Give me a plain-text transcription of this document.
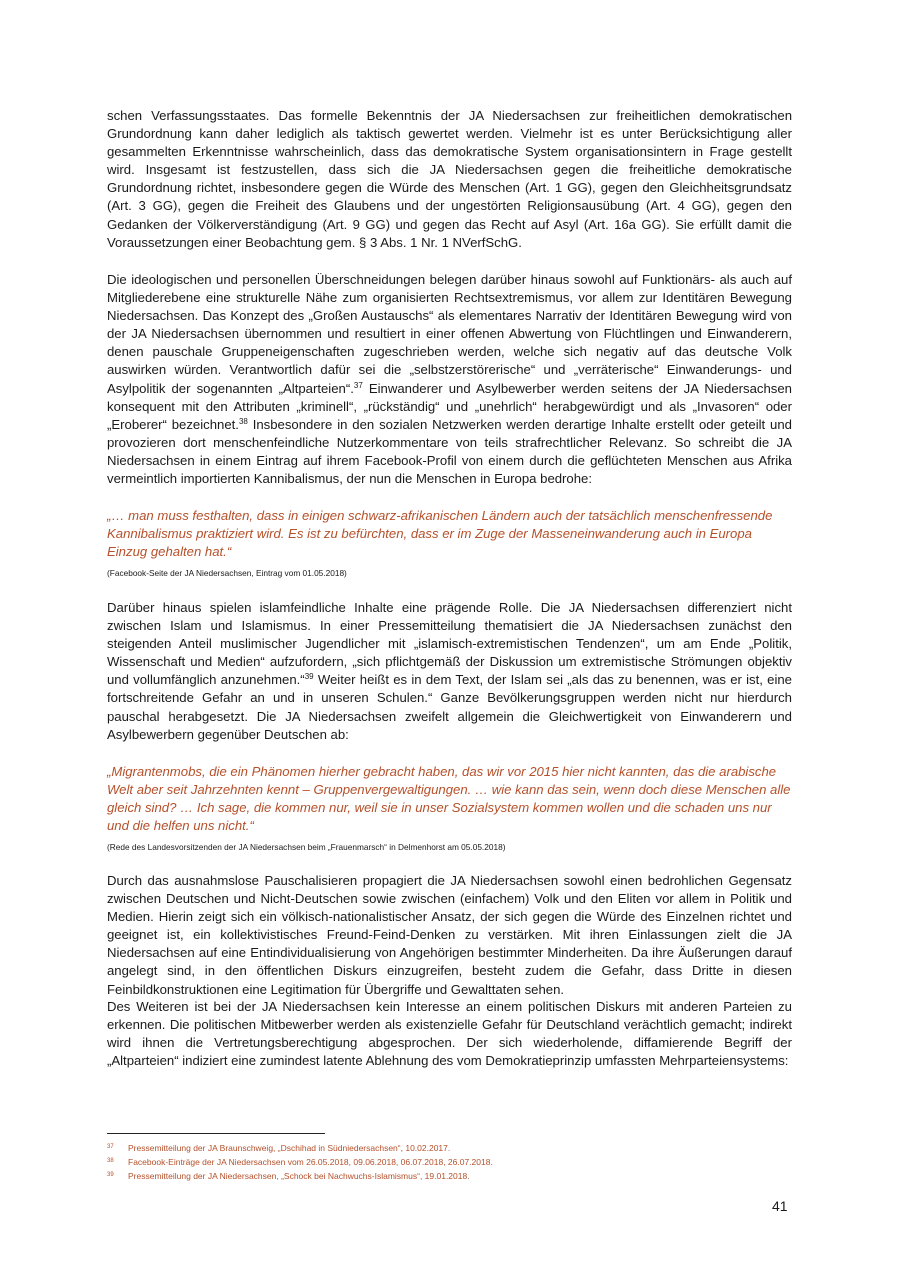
schen Verfassungsstaates. Das formelle Bekenntnis der JA Niedersachsen zur freiheitlichen demokratischen Grundordnung kann daher lediglich als taktisch gewertet werden. Vielmehr ist es unter Berücksichtigung aller gesammelten Erkenntnisse wahrscheinlich, dass das demokratische System organisationsintern in Frage gestellt wird. Insgesamt ist festzustellen, dass sich die JA Niedersachsen gegen die freiheitliche demokratische Grundordnung richtet, insbesondere gegen die Würde des Menschen (Art. 1 GG), gegen den Gleichheitsgrundsatz (Art. 3 GG), gegen die Freiheit des Glaubens und der ungestörten Religionsausübung (Art. 4 GG), gegen den Gedanken der Völkerverständigung (Art. 9 GG) und gegen das Recht auf Asyl (Art. 16a GG). Sie erfüllt damit die Voraussetzungen einer Beobachtung gem. § 3 Abs. 1 Nr. 1 NVerfSchG.

Die ideologischen und personellen Überschneidungen belegen darüber hinaus sowohl auf Funktionärs- als auch auf Mitgliederebene eine strukturelle Nähe zum organisierten Rechtsextremismus, vor allem zur Identitären Bewegung Niedersachsen. Das Konzept des „Großen Austauschs“ als elementares Narrativ der Identitären Bewegung wird von der JA Niedersachsen übernommen und resultiert in einer offenen Abwertung von Flüchtlingen und Einwanderern, denen pauschale Gruppeneigenschaften zugeschrieben werden, welche sich negativ auf das deutsche Volk auswirken würden. Verantwortlich dafür sei die „selbstzerstörerische“ und „verräterische“ Einwanderungs- und Asylpolitik der sogenannten „Altparteien“.$^{37}$ Einwanderer und Asylbewerber werden seitens der JA Niedersachsen konsequent mit den Attributen „kriminell“, „rückständig“ und „unehrlich“ herabgewürdigt und als „Invasoren“ oder „Eroberer“ bezeichnet.$^{38}$ Insbesondere in den sozialen Netzwerken werden derartige Inhalte erstellt oder geteilt und provozieren dort menschenfeindliche Nutzerkommentare von teils strafrechtlicher Relevanz. So schreibt die JA Niedersachsen in einem Eintrag auf ihrem Facebook-Profil von einem durch die geflüchteten Menschen aus Afrika vermeintlich importierten Kannibalismus, der nun die Menschen in Europa bedrohe:

„… man muss festhalten, dass in einigen schwarz-afrikanischen Ländern auch der tatsächlich menschenfressende Kannibalismus praktiziert wird. Es ist zu befürchten, dass er im Zuge der Masseneinwanderung auch in Europa Einzug gehalten hat.“

(Facebook-Seite der JA Niedersachsen, Eintrag vom 01.05.2018)

Darüber hinaus spielen islamfeindliche Inhalte eine prägende Rolle. Die JA Niedersachsen differenziert nicht zwischen Islam und Islamismus. In einer Pressemitteilung thematisiert die JA Niedersachsen zunächst den steigenden Anteil muslimischer Jugendlicher mit „islamisch-extremistischen Tendenzen“, um am Ende „Politik, Wissenschaft und Medien“ aufzufordern, „sich pflichtgemäß der Diskussion um extremistische Strömungen objektiv und vollumfänglich anzunehmen.“$^{39}$ Weiter heißt es in dem Text, der Islam sei „als das zu benennen, was er ist, eine fortschreitende Gefahr an und in unseren Schulen.“ Ganze Bevölkerungsgruppen werden nicht nur hierdurch pauschal herabgesetzt. Die JA Niedersachsen zweifelt allgemein die Gleichwertigkeit von Einwanderern und Asylbewerbern gegenüber Deutschen ab:

„Migrantenmobs, die ein Phänomen hierher gebracht haben, das wir vor 2015 hier nicht kannten, das die arabische Welt aber seit Jahrzehnten kennt – Gruppenvergewaltigungen. … wie kann das sein, wenn doch diese Menschen alle gleich sind? … Ich sage, die kommen nur, weil sie in unser Sozialsystem kommen wollen und die schaden uns nur und die helfen uns nicht.“

(Rede des Landesvorsitzenden der JA Niedersachsen beim „Frauenmarsch“ in Delmenhorst am 05.05.2018)

Durch das ausnahmslose Pauschalisieren propagiert die JA Niedersachsen sowohl einen bedrohlichen Gegensatz zwischen Deutschen und Nicht-Deutschen sowie zwischen (einfachem) Volk und den Eliten vor allem in Politik und Medien. Hierin zeigt sich ein völkisch-nationalistischer Ansatz, der sich gegen die Würde des Einzelnen richtet und geeignet ist, ein kollektivistisches Freund-Feind-Denken zu verstärken. Mit ihren Einlassungen zielt die JA Niedersachsen auf eine Entindividualisierung von Angehörigen bestimmter Minderheiten. Da ihre Äußerungen darauf angelegt sind, in den öffentlichen Diskurs einzugreifen, besteht zudem die Gefahr, dass Dritte in diesen Feinbildkonstruktionen eine Legitimation für Übergriffe und Gewalttaten sehen.

Des Weiteren ist bei der JA Niedersachsen kein Interesse an einem politischen Diskurs mit anderen Parteien zu erkennen. Die politischen Mitbewerber werden als existenzielle Gefahr für Deutschland verächtlich gemacht; indirekt wird ihnen die Vertretungsberechtigung abgesprochen. Der sich wiederholende, diffamierende Begriff der „Altparteien“ indiziert eine zumindest latente Ablehnung des vom Demokratieprinzip umfassten Mehrparteiensystems:

37 Pressemitteilung der JA Braunschweig, „Dschihad in Südniedersachsen“, 10.02.2017.

38 Facebook-Einträge der JA Niedersachsen vom 26.05.2018, 09.06.2018, 06.07.2018, 26.07.2018.

39 Pressemitteilung der JA Niedersachsen, „Schock bei Nachwuchs-Islamismus“, 19.01.2018.

41
